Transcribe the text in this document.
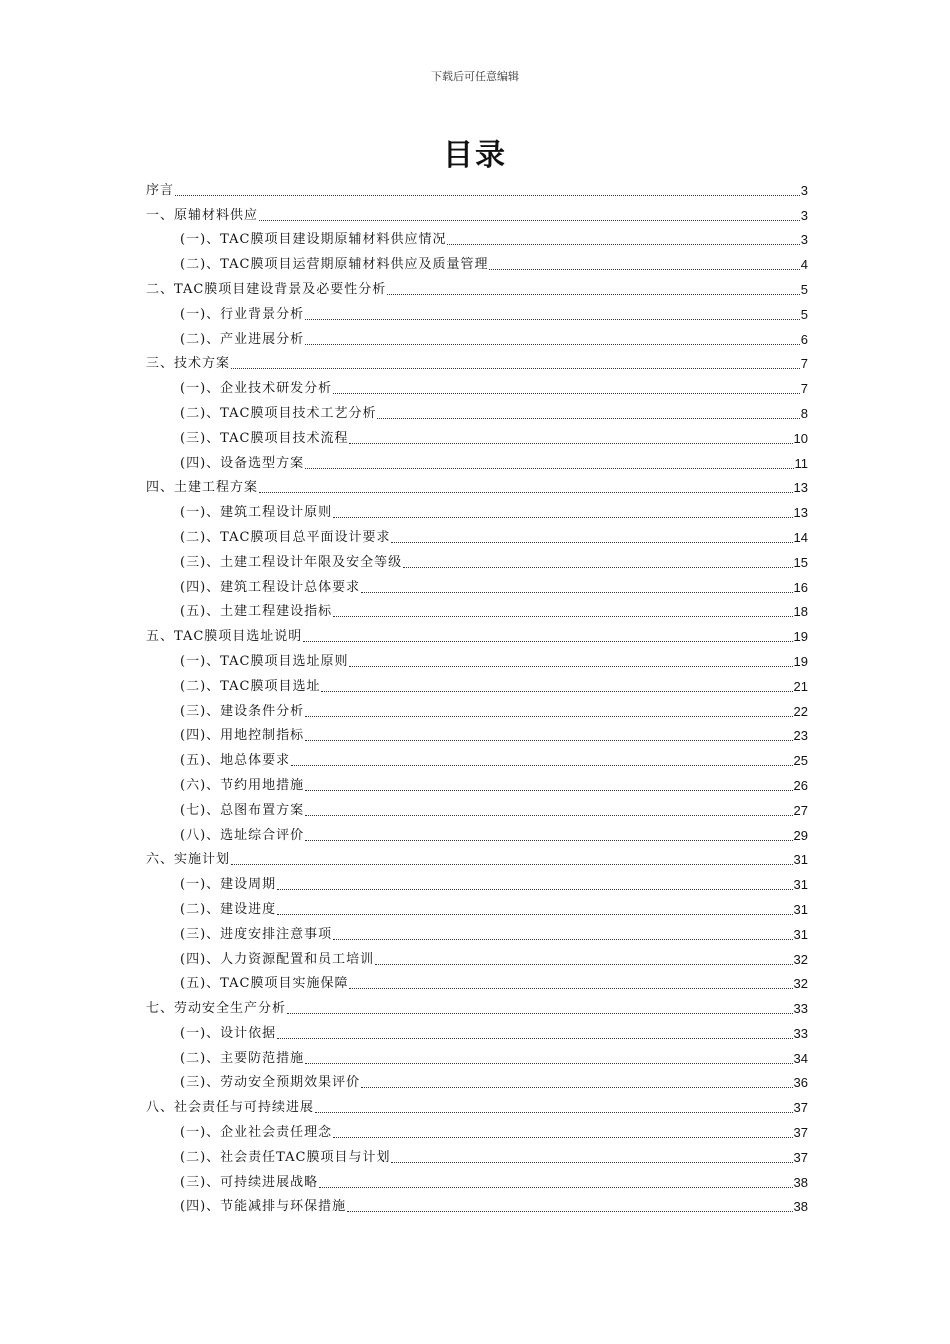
下载后可任意编辑
目录
序言	3
一、原辅材料供应	3
(一)、TAC膜项目建设期原辅材料供应情况	3
(二)、TAC膜项目运营期原辅材料供应及质量管理	4
二、TAC膜项目建设背景及必要性分析	5
(一)、行业背景分析	5
(二)、产业进展分析	6
三、技术方案	7
(一)、企业技术研发分析	7
(二)、TAC膜项目技术工艺分析	8
(三)、TAC膜项目技术流程	10
(四)、设备选型方案	11
四、土建工程方案	13
(一)、建筑工程设计原则	13
(二)、TAC膜项目总平面设计要求	14
(三)、土建工程设计年限及安全等级	15
(四)、建筑工程设计总体要求	16
(五)、土建工程建设指标	18
五、TAC膜项目选址说明	19
(一)、TAC膜项目选址原则	19
(二)、TAC膜项目选址	21
(三)、建设条件分析	22
(四)、用地控制指标	23
(五)、地总体要求	25
(六)、节约用地措施	26
(七)、总图布置方案	27
(八)、选址综合评价	29
六、实施计划	31
(一)、建设周期	31
(二)、建设进度	31
(三)、进度安排注意事项	31
(四)、人力资源配置和员工培训	32
(五)、TAC膜项目实施保障	32
七、劳动安全生产分析	33
(一)、设计依据	33
(二)、主要防范措施	34
(三)、劳动安全预期效果评价	36
八、社会责任与可持续进展	37
(一)、企业社会责任理念	37
(二)、社会责任TAC膜项目与计划	37
(三)、可持续进展战略	38
(四)、节能减排与环保措施	38
